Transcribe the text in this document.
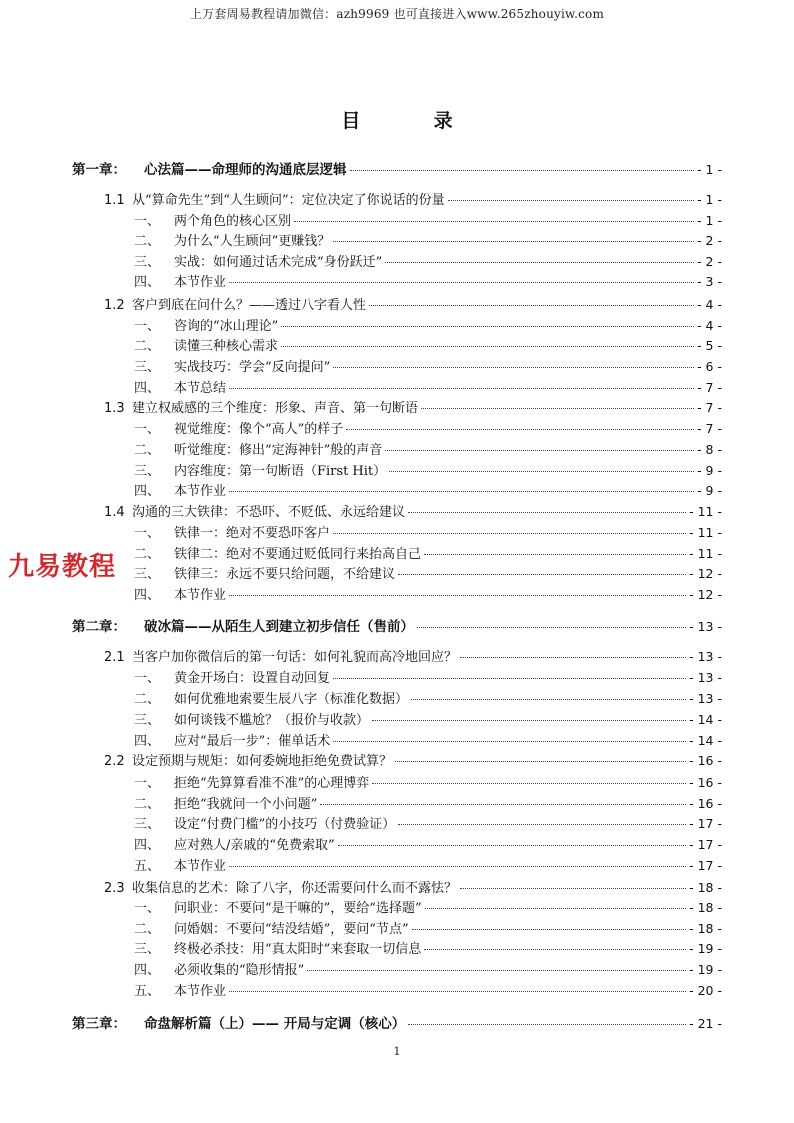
上万套周易教程请加微信：azh9969 也可直接进入www.265zhouyiw.com
目	录
第一章：	心法篇——命理师的沟通底层逻辑	- 1 -
1.1 从“算命先生”到“人生顾问”：定位决定了你说话的份量	- 1 -
一、	两个角色的核心区别	- 1 -
二、	为什么“人生顾问”更赚钱？	- 2 -
三、	实战：如何通过话术完成“身份跃迁”	- 2 -
四、	本节作业	- 3 -
1.2 客户到底在问什么？——透过八字看人性	- 4 -
一、	咨询的“冰山理论”	- 4 -
二、	读懂三种核心需求	- 5 -
三、	实战技巧：学会“反向提问”	- 6 -
四、	本节总结	- 7 -
1.3 建立权威感的三个维度：形象、声音、第一句断语	- 7 -
一、	视觉维度：像个“高人”的样子	- 7 -
二、	听觉维度：修出“定海神针”般的声音	- 8 -
三、	内容维度：第一句断语（First Hit）	- 9 -
四、	本节作业	- 9 -
1.4 沟通的三大铁律：不恐吓、不贬低、永远给建议	- 11 -
一、	铁律一：绝对不要恐吓客户	- 11 -
二、	铁律二：绝对不要通过贬低同行来抬高自己	- 11 -
三、	铁律三：永远不要只给问题，不给建议	- 12 -
四、	本节作业	- 12 -
第二章：	破冰篇——从陌生人到建立初步信任（售前）	- 13 -
2.1 当客户加你微信后的第一句话：如何礼貌而高冷地回应？	- 13 -
一、	黄金开场白：设置自动回复	- 13 -
二、	如何优雅地索要生辰八字（标准化数据）	- 13 -
三、	如何谈钱不尴尬？（报价与收款）	- 14 -
四、	应对“最后一步”：催单话术	- 14 -
2.2 设定预期与规矩：如何委婉地拒绝免费试算？	- 16 -
一、	拒绝“先算算看准不准”的心理博弈	- 16 -
二、	拒绝“我就问一个小问题”	- 16 -
三、	设定“付费门槛”的小技巧（付费验证）	- 17 -
四、	应对熟人/亲戚的“免费索取”	- 17 -
五、	本节作业	- 17 -
2.3 收集信息的艺术：除了八字，你还需要问什么而不露怯？	- 18 -
一、	问职业：不要问“是干嘛的”，要给“选择题”	- 18 -
二、	问婚姻：不要问“结没结婚”，要问“节点”	- 18 -
三、	终极必杀技：用“真太阳时”来套取一切信息	- 19 -
四、	必须收集的“隐形情报”	- 19 -
五、	本节作业	- 20 -
第三章：	命盘解析篇（上）—— 开局与定调（核心）	- 21 -
九易教程
1
